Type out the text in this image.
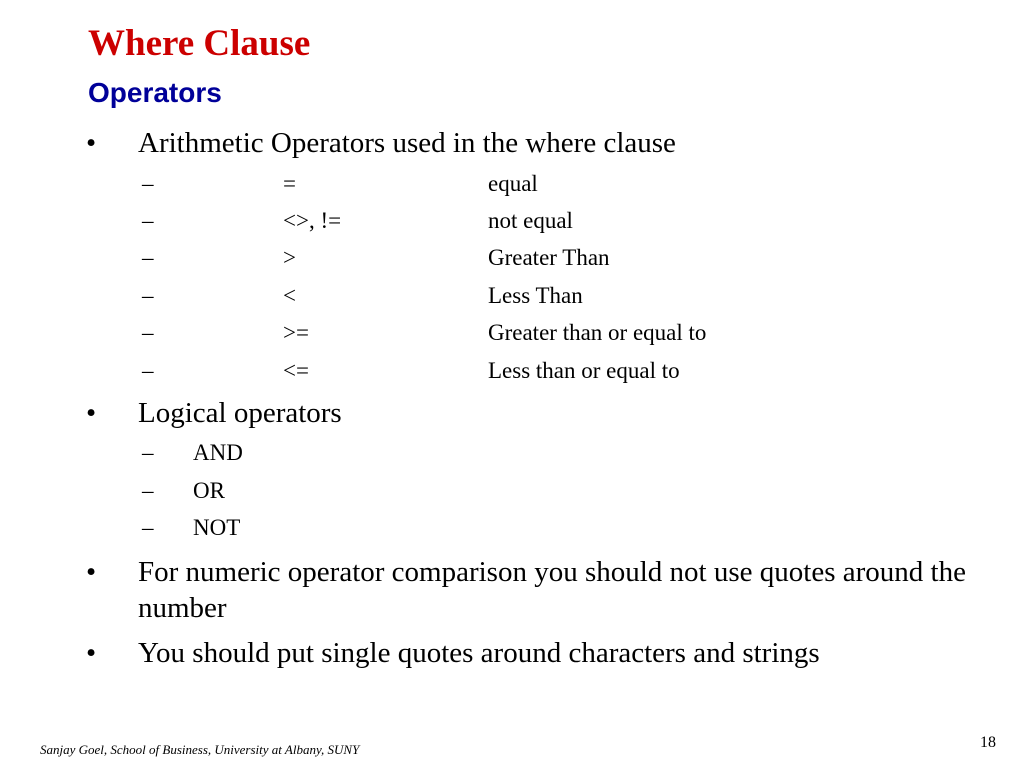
Where Clause
Operators
• Arithmetic Operators used in the where clause
–	=	equal
–	<>, !=	not equal
–	>	Greater Than
–	<	Less Than
–	>=	Greater than or equal to
–	<=	Less than or equal to
• Logical operators
– AND
– OR
– NOT
• For numeric operator comparison you should not use quotes around the number
• You should put single quotes around characters and strings
Sanjay Goel, School of Business, University at Albany, SUNY	18
